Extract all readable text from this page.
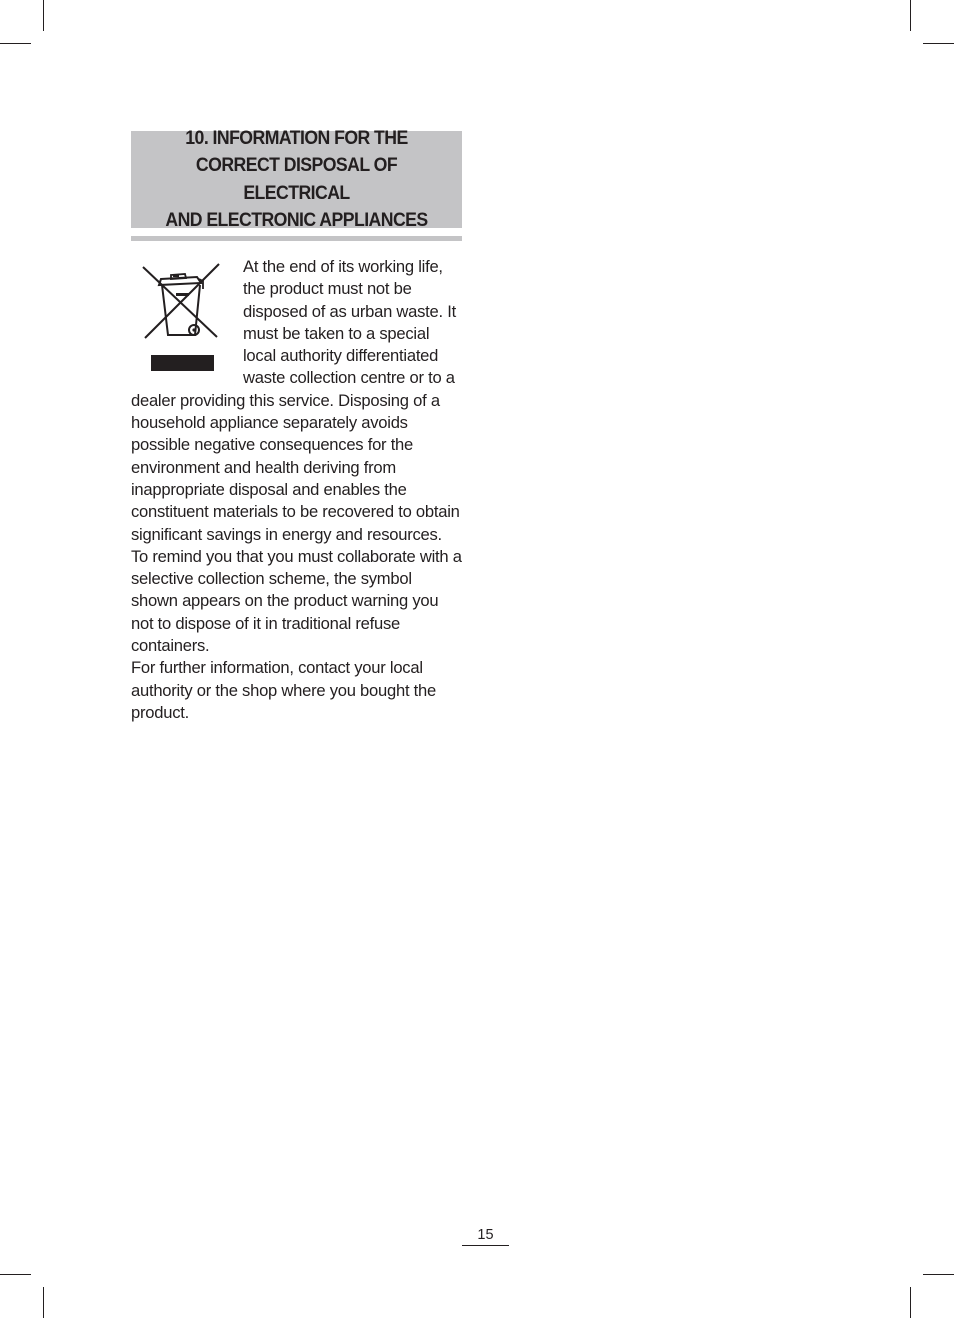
10. INFORMATION FOR THE
CORRECT DISPOSAL OF ELECTRICAL
AND ELECTRONIC APPLIANCES

At the end of its working life, the product must not be disposed of as urban waste. It must be taken to a special local authority differentiated waste collection centre or to a dealer providing this service. Disposing of a household appliance separately avoids possible negative consequences for the environment and health deriving from inappropriate disposal and enables the constituent materials to be recovered to obtain significant savings in energy and resources.

To remind you that you must collaborate with a selective collection scheme, the symbol shown appears on the product warning you not to dispose of it in traditional refuse containers.

For further information, contact your local authority or the shop where you bought the product.

15
